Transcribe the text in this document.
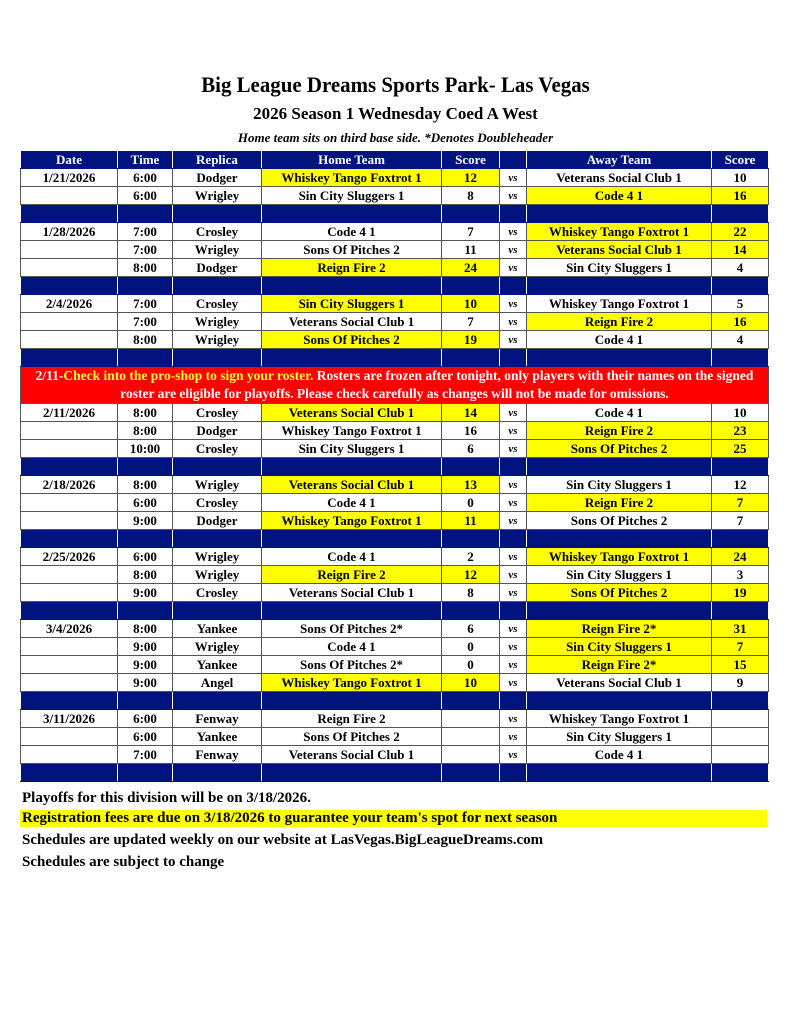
Big League Dreams Sports Park- Las Vegas
2026 Season 1 Wednesday Coed A West
Home team sits on third base side. *Denotes Doubleheader
Date	Time	Replica	Home Team	Score		Away Team	Score
1/21/2026	6:00	Dodger	Whiskey Tango Foxtrot 1	12	vs	Veterans Social Club 1	10
	6:00	Wrigley	Sin City Sluggers 1	8	vs	Code 4 1	16

1/28/2026	7:00	Crosley	Code 4 1	7	vs	Whiskey Tango Foxtrot 1	22
	7:00	Wrigley	Sons Of Pitches 2	11	vs	Veterans Social Club 1	14
	8:00	Dodger	Reign Fire 2	24	vs	Sin City Sluggers 1	4

2/4/2026	7:00	Crosley	Sin City Sluggers 1	10	vs	Whiskey Tango Foxtrot 1	5
	7:00	Wrigley	Veterans Social Club 1	7	vs	Reign Fire 2	16
	8:00	Wrigley	Sons Of Pitches 2	19	vs	Code 4 1	4

2/11-Check into the pro-shop to sign your roster. Rosters are frozen after tonight, only players with their names on the signed roster are eligible for playoffs. Please check carefully as changes will not be made for omissions.							
2/11/2026	8:00	Crosley	Veterans Social Club 1	14	vs	Code 4 1	10
	8:00	Dodger	Whiskey Tango Foxtrot 1	16	vs	Reign Fire 2	23
	10:00	Crosley	Sin City Sluggers 1	6	vs	Sons Of Pitches 2	25

2/18/2026	8:00	Wrigley	Veterans Social Club 1	13	vs	Sin City Sluggers 1	12
	6:00	Crosley	Code 4 1	0	vs	Reign Fire 2	7
	9:00	Dodger	Whiskey Tango Foxtrot 1	11	vs	Sons Of Pitches 2	7

2/25/2026	6:00	Wrigley	Code 4 1	2	vs	Whiskey Tango Foxtrot 1	24
	8:00	Wrigley	Reign Fire 2	12	vs	Sin City Sluggers 1	3
	9:00	Crosley	Veterans Social Club 1	8	vs	Sons Of Pitches 2	19

3/4/2026	8:00	Yankee	Sons Of Pitches 2*	6	vs	Reign Fire 2*	31
	9:00	Wrigley	Code 4 1	0	vs	Sin City Sluggers 1	7
	9:00	Yankee	Sons Of Pitches 2*	0	vs	Reign Fire 2*	15
	9:00	Angel	Whiskey Tango Foxtrot 1	10	vs	Veterans Social Club 1	9

3/11/2026	6:00	Fenway	Reign Fire 2		vs	Whiskey Tango Foxtrot 1	
	6:00	Yankee	Sons Of Pitches 2		vs	Sin City Sluggers 1	
	7:00	Fenway	Veterans Social Club 1		vs	Code 4 1	

Playoffs for this division will be on 3/18/2026.
Registration fees are due on 3/18/2026 to guarantee your team's spot for next season
Schedules are updated weekly on our website at LasVegas.BigLeagueDreams.com
Schedules are subject to change
